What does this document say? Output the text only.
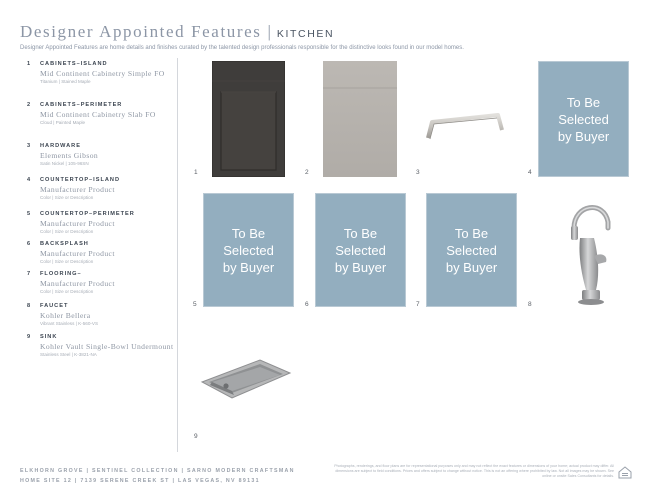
Designer Appointed Features | KITCHEN
Designer Appointed Features are home details and finishes curated by the talented design professionals responsible for the distinctive looks found in our model homes.
1	CABINETS–ISLAND
Mid Continent Cabinetry Simple FO
Titanium | Stained Maple
2	CABINETS–PERIMETER
Mid Continent Cabinetry Slab FO
Cloud | Painted Maple
3	HARDWARE
Elements Gibson
Satin Nickel | 105-96SN
4	COUNTERTOP–ISLAND
Manufacturer Product
Color | Size or Description
5	COUNTERTOP–PERIMETER
Manufacturer Product
Color | Size or Description
6	BACKSPLASH
Manufacturer Product
Color | Size or Description
7	FLOORING–
Manufacturer Product
Color | Size or Description
8	FAUCET
Kohler Bellera
Vibrant Stainless | K-560-VS
9	SINK
Kohler Vault Single-Bowl Undermount
Stainless Steel | K-3821-NA
1	2	3
To Be
Selected
by Buyer
4
To Be
Selected
by Buyer
5
To Be
Selected
by Buyer
6
To Be
Selected
by Buyer
7	8
9
ELKHORN GROVE | SENTINEL COLLECTION | SARNO MODERN CRAFTSMAN
HOME SITE 12 | 7139 SERENE CREEK ST | LAS VEGAS, NV 89131
Photographs, renderings, and floor plans are for representational purposes only and may not reflect the exact features or dimensions of your home; actual product may differ. All dimensions are subject to field conditions. Prices and offers subject to change without notice. This is not an offering where prohibited by law. Not all images may be shown. See online or onsite Sales Consultants for details.
